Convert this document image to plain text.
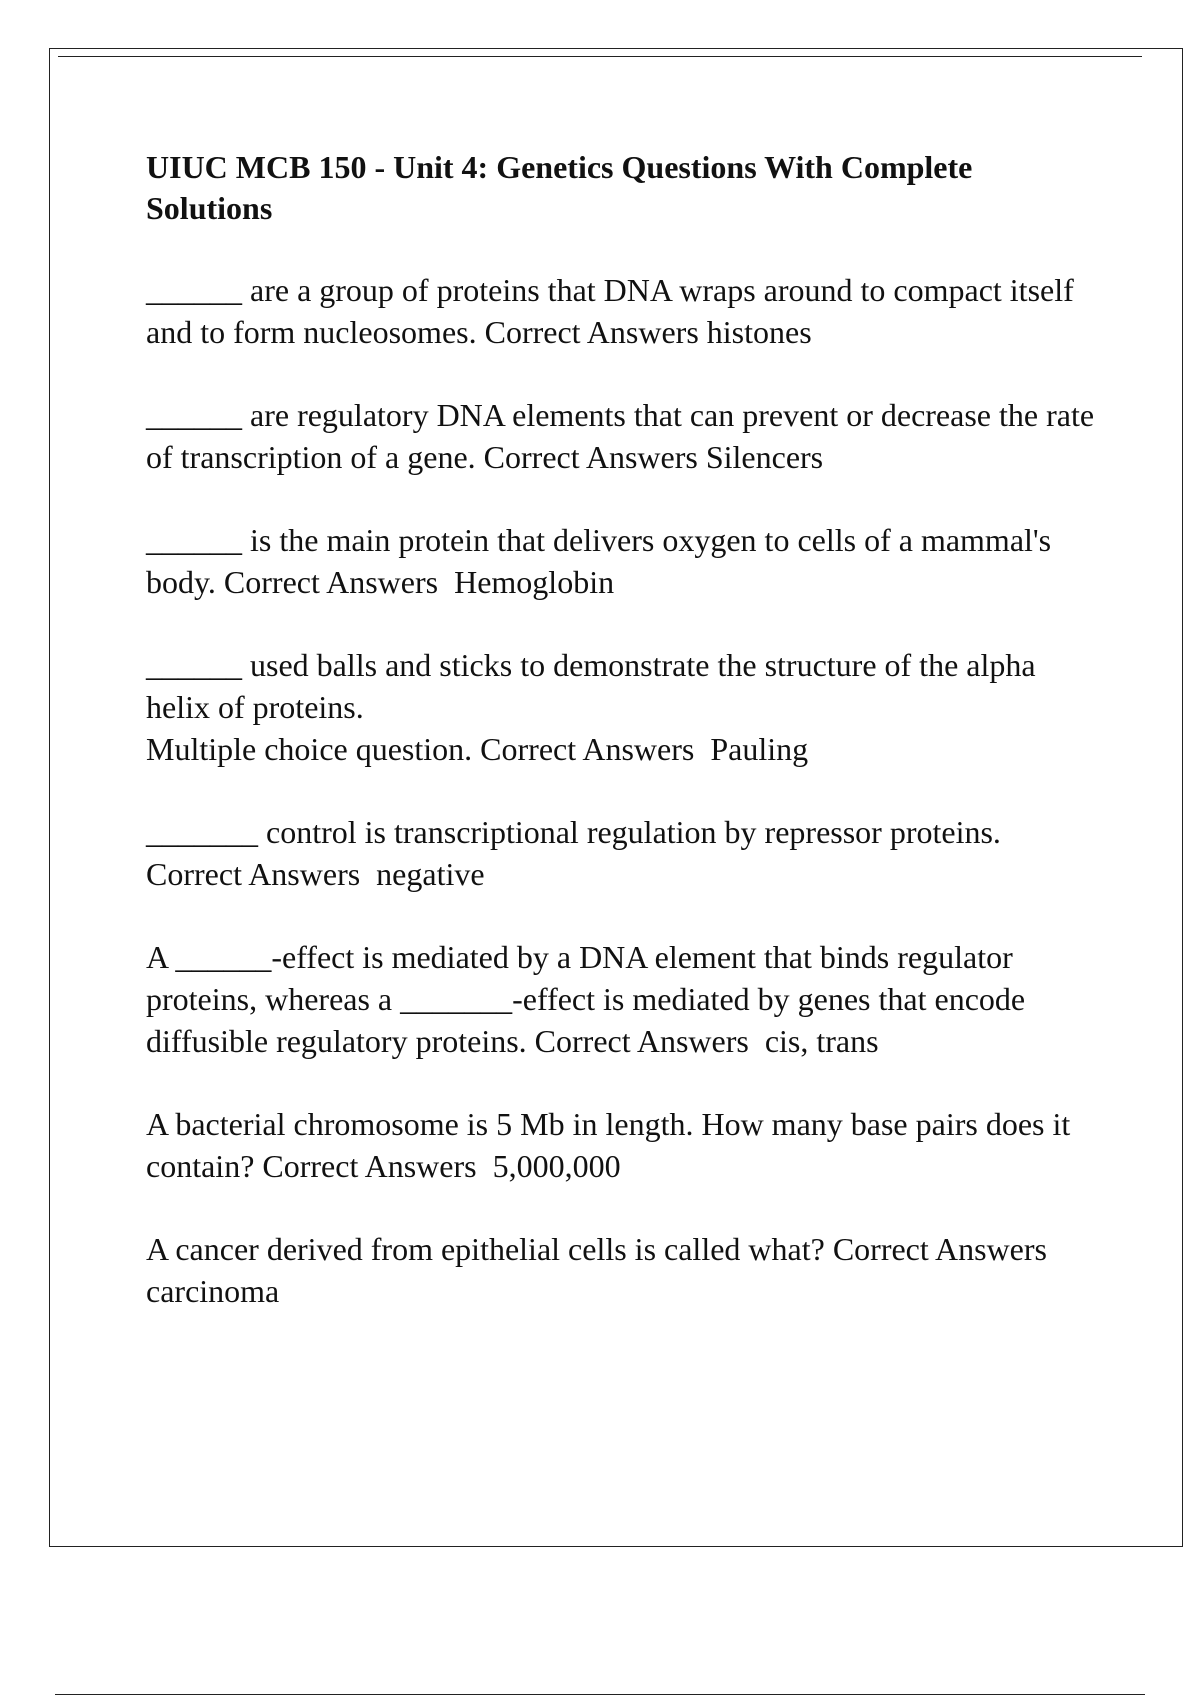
UIUC MCB 150 - Unit 4: Genetics Questions With Complete Solutions
______ are a group of proteins that DNA wraps around to compact itself and to form nucleosomes. Correct Answers histones
______ are regulatory DNA elements that can prevent or decrease the rate of transcription of a gene. Correct Answers Silencers
______ is the main protein that delivers oxygen to cells of a mammal's body. Correct Answers Hemoglobin
______ used balls and sticks to demonstrate the structure of the alpha helix of proteins.
Multiple choice question. Correct Answers Pauling
_______ control is transcriptional regulation by repressor proteins. Correct Answers negative
A ______-effect is mediated by a DNA element that binds regulator proteins, whereas a _______-effect is mediated by genes that encode diffusible regulatory proteins. Correct Answers cis, trans
A bacterial chromosome is 5 Mb in length. How many base pairs does it contain? Correct Answers 5,000,000
A cancer derived from epithelial cells is called what? Correct Answers  carcinoma
